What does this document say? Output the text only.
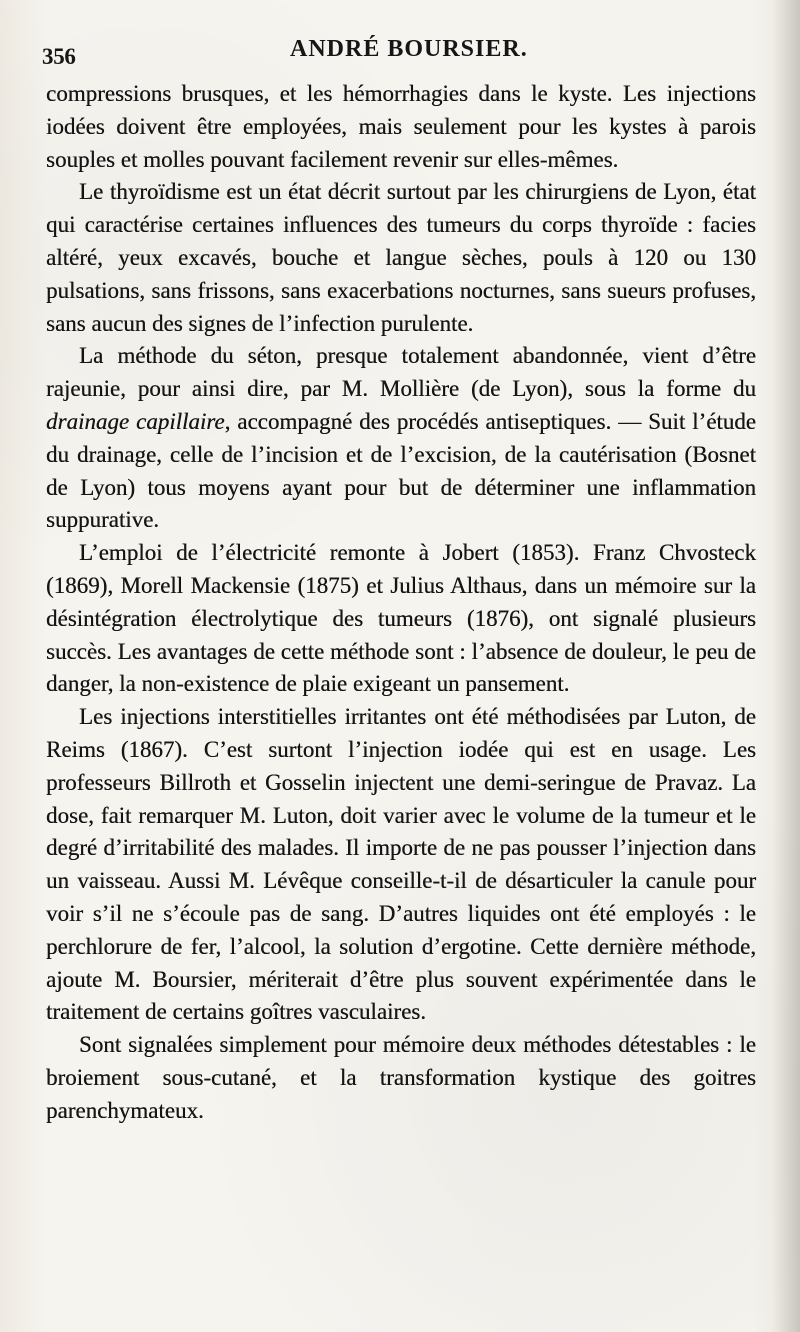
356	ANDRÉ BOURSIER.

compressions brusques, et les hémorrhagies dans le kyste. Les injections iodées doivent être employées, mais seulement pour les kystes à parois souples et molles pouvant facilement revenir sur elles-mêmes.

Le thyroïdisme est un état décrit surtout par les chirurgiens de Lyon, état qui caractérise certaines influences des tumeurs du corps thyroïde : facies altéré, yeux excavés, bouche et langue sèches, pouls à 120 ou 130 pulsations, sans frissons, sans exacerbations nocturnes, sans sueurs profuses, sans aucun des signes de l’infection purulente.

La méthode du séton, presque totalement abandonnée, vient d’être rajeunie, pour ainsi dire, par M. Mollière (de Lyon), sous la forme du drainage capillaire, accompagné des procédés antiseptiques. — Suit l’étude du drainage, celle de l’incision et de l’excision, de la cautérisation (Bosnet de Lyon) tous moyens ayant pour but de déterminer une inflammation suppurative.

L’emploi de l’électricité remonte à Jobert (1853). Franz Chvosteck (1869), Morell Mackensie (1875) et Julius Althaus, dans un mémoire sur la désintégration électrolytique des tumeurs (1876), ont signalé plusieurs succès. Les avantages de cette méthode sont : l’absence de douleur, le peu de danger, la non-existence de plaie exigeant un pansement.

Les injections interstitielles irritantes ont été méthodisées par Luton, de Reims (1867). C’est surtont l’injection iodée qui est en usage. Les professeurs Billroth et Gosselin injectent une demi-seringue de Pravaz. La dose, fait remarquer M. Luton, doit varier avec le volume de la tumeur et le degré d’irritabilité des malades. Il importe de ne pas pousser l’injection dans un vaisseau. Aussi M. Lévêque conseille-t-il de désarticuler la canule pour voir s’il ne s’écoule pas de sang. D’autres liquides ont été employés : le perchlorure de fer, l’alcool, la solution d’ergotine. Cette dernière méthode, ajoute M. Boursier, mériterait d’être plus souvent expérimentée dans le traitement de certains goîtres vasculaires.

Sont signalées simplement pour mémoire deux méthodes détestables : le broiement sous-cutané, et la transformation kystique des goitres parenchymateux.
